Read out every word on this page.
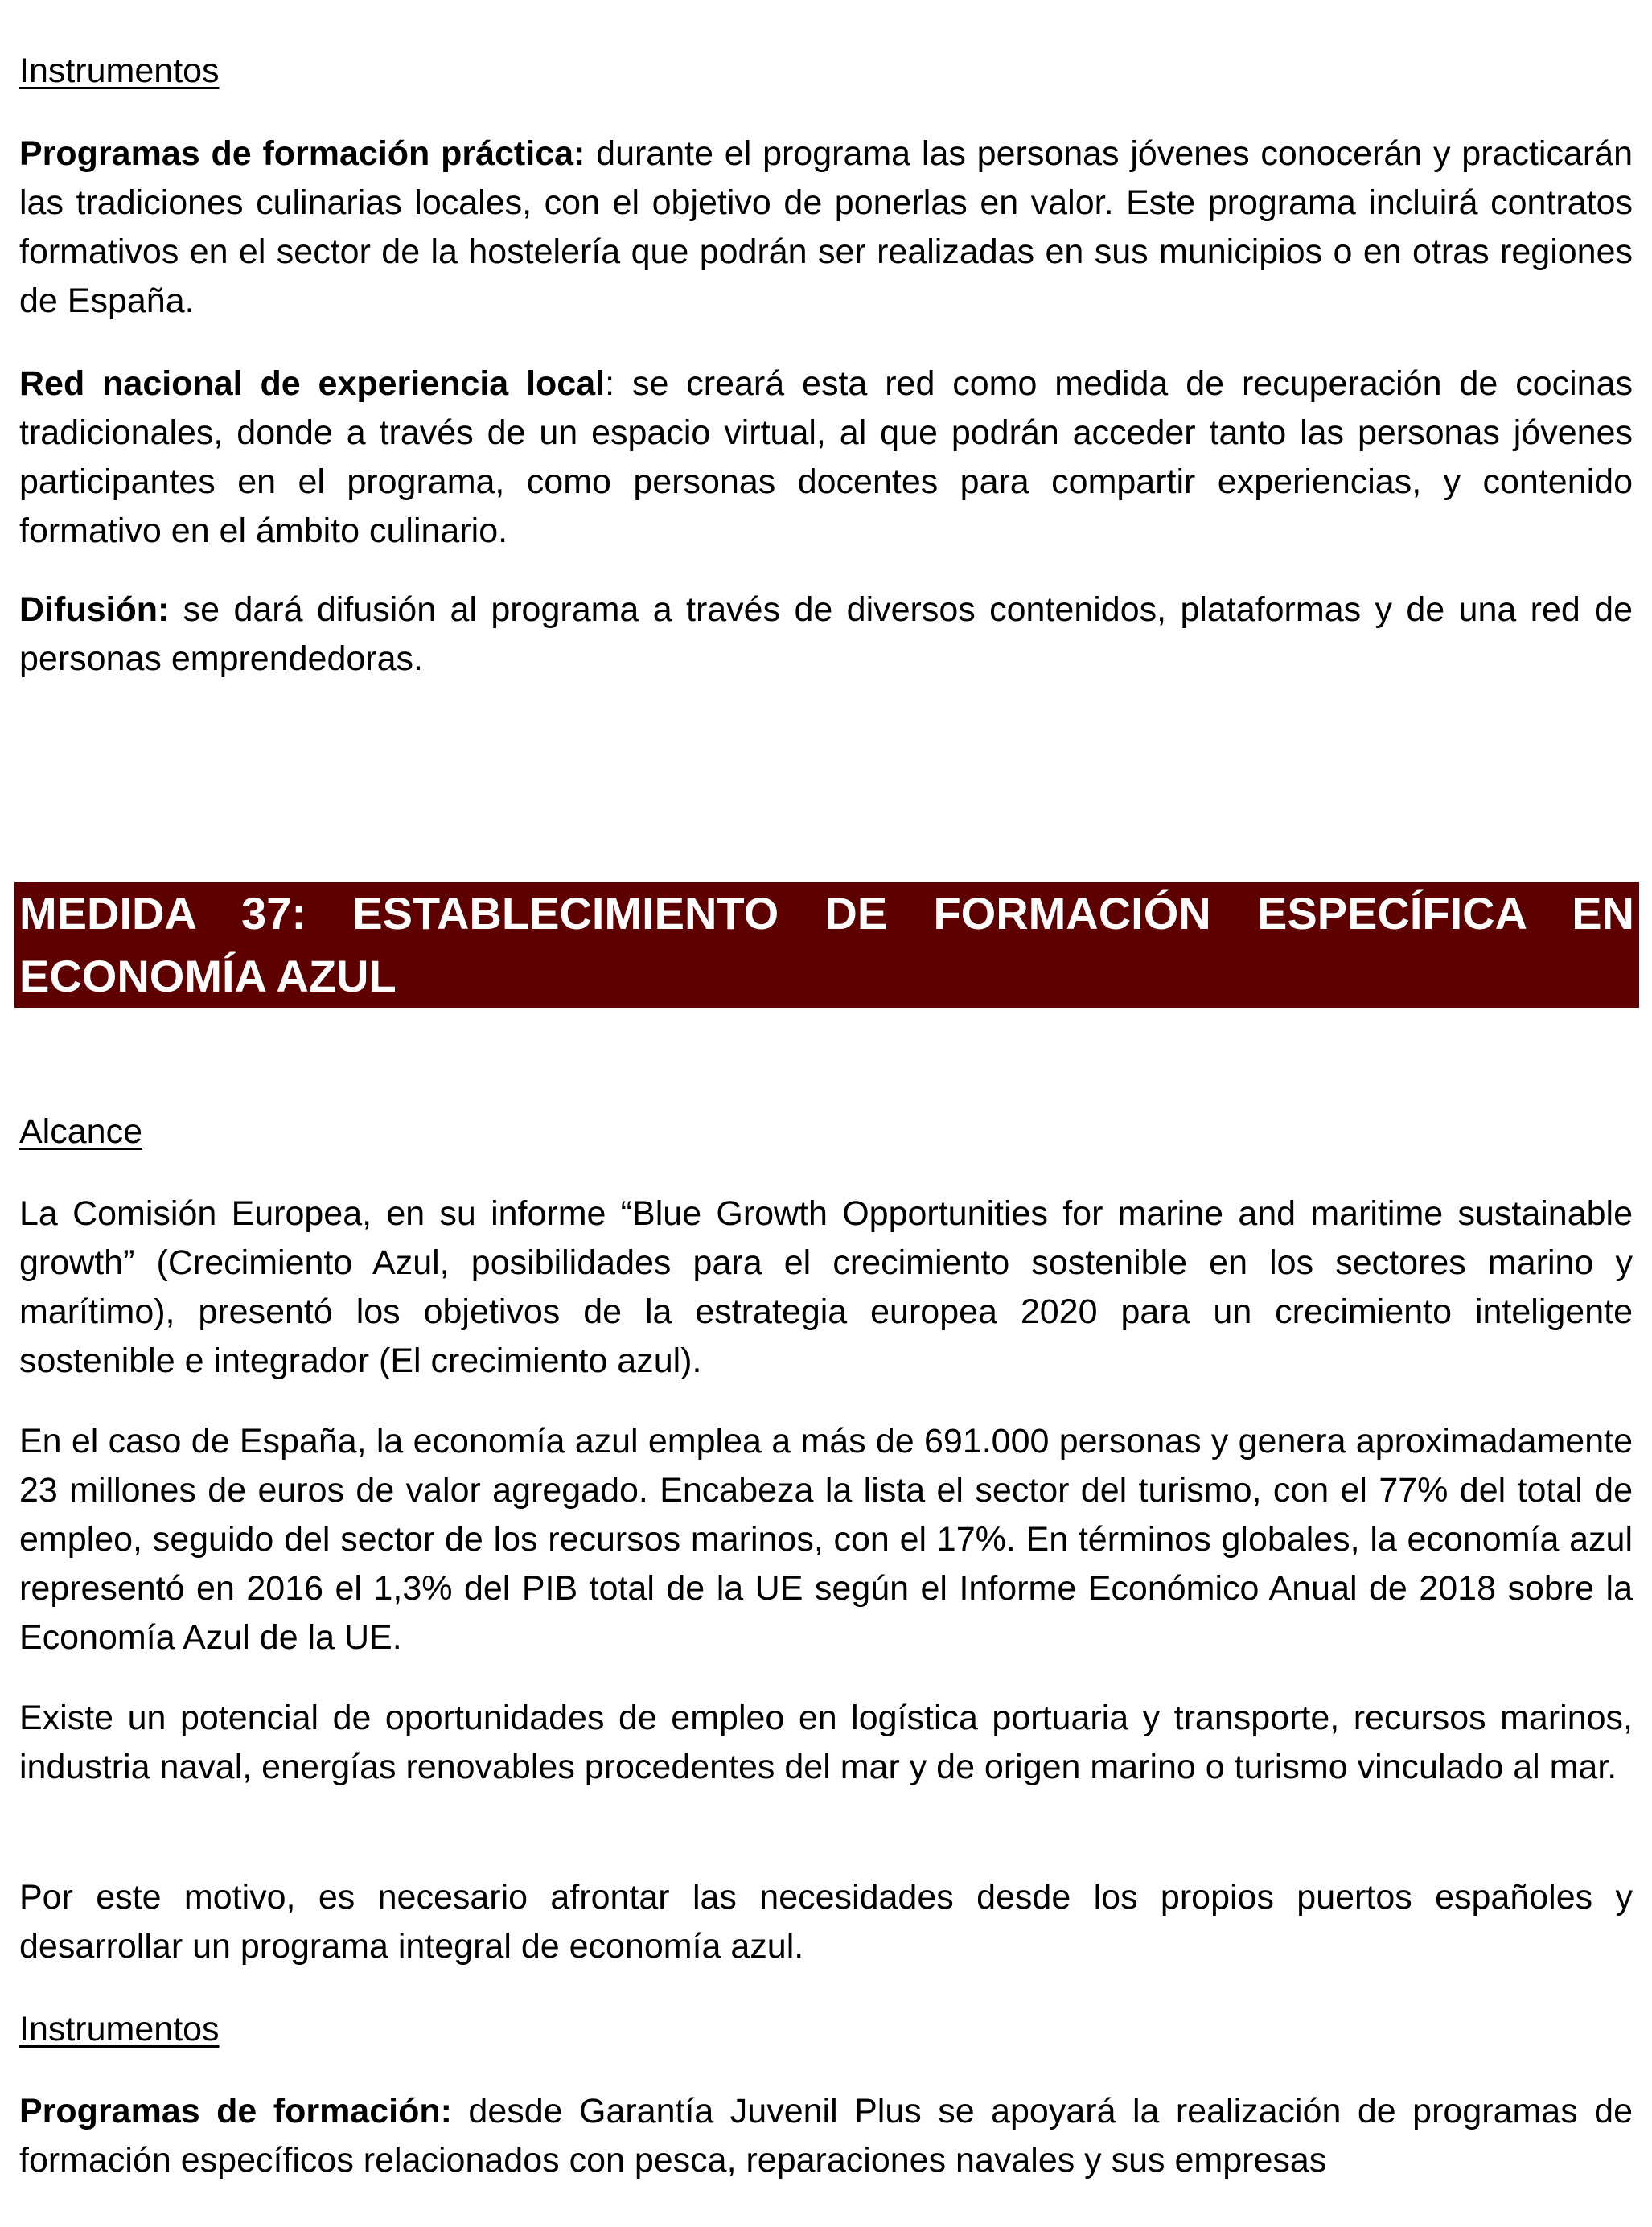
Instrumentos

Programas de formación práctica: durante el programa las personas jóvenes conocerán y practicarán las tradiciones culinarias locales, con el objetivo de ponerlas en valor. Este programa incluirá contratos formativos en el sector de la hostelería que podrán ser realizadas en sus municipios o en otras regiones de España.

Red nacional de experiencia local: se creará esta red como medida de recuperación de cocinas tradicionales, donde a través de un espacio virtual, al que podrán acceder tanto las personas jóvenes participantes en el programa, como personas docentes para compartir experiencias, y contenido formativo en el ámbito culinario.

Difusión: se dará difusión al programa a través de diversos contenidos, plataformas y de una red de personas emprendedoras.

MEDIDA 37: ESTABLECIMIENTO DE FORMACIÓN ESPECÍFICA EN ECONOMÍA AZUL

Alcance

La Comisión Europea, en su informe “Blue Growth Opportunities for marine and maritime sustainable growth” (Crecimiento Azul, posibilidades para el crecimiento sostenible en los sectores marino y marítimo), presentó los objetivos de la estrategia europea 2020 para un crecimiento inteligente sostenible e integrador (El crecimiento azul).

En el caso de España, la economía azul emplea a más de 691.000 personas y genera aproximadamente 23 millones de euros de valor agregado. Encabeza la lista el sector del turismo, con el 77% del total de empleo, seguido del sector de los recursos marinos, con el 17%. En términos globales, la economía azul representó en 2016 el 1,3% del PIB total de la UE según el Informe Económico Anual de 2018 sobre la Economía Azul de la UE.

Existe un potencial de oportunidades de empleo en logística portuaria y transporte, recursos marinos, industria naval, energías renovables procedentes del mar y de origen marino o turismo vinculado al mar.

Por este motivo, es necesario afrontar las necesidades desde los propios puertos españoles y desarrollar un programa integral de economía azul.

Instrumentos

Programas de formación: desde Garantía Juvenil Plus se apoyará la realización de programas de formación específicos relacionados con pesca, reparaciones navales y sus empresas
